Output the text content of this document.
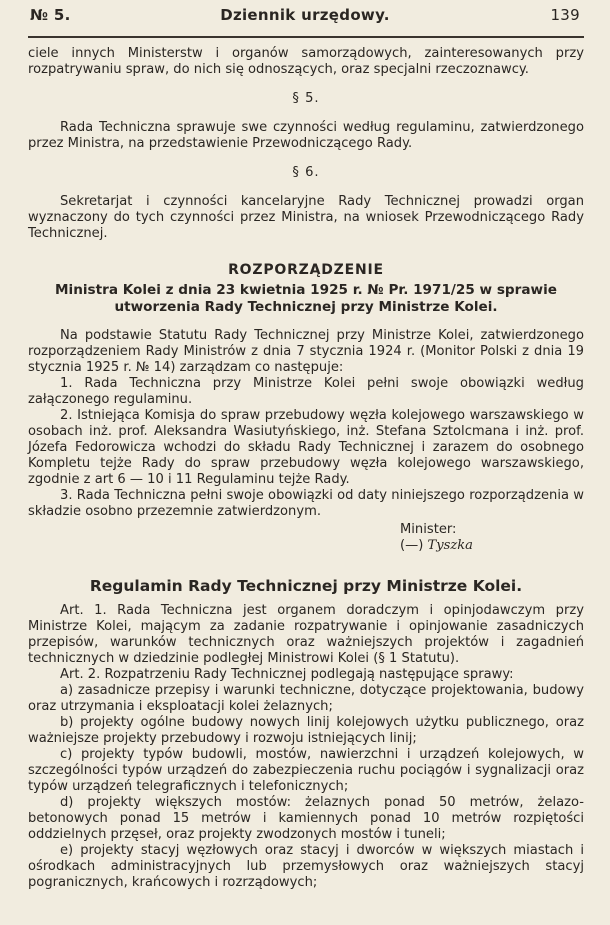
№ 5.	Dziennik urzędowy.	139

ciele innych Ministerstw i organów samorządowych, zainteresowanych przy rozpatrywaniu spraw, do nich się odnoszących, oraz specjalni rzeczoznawcy.

§ 5.

Rada Techniczna sprawuje swe czynności według regulaminu, zatwierdzonego przez Ministra, na przedstawienie Przewodniczącego Rady.

§ 6.

Sekretarjat i czynności kancelaryjne Rady Technicznej prowadzi organ wyznaczony do tych czynności przez Ministra, na wniosek Przewodniczącego Rady Technicznej.

ROZPORZĄDZENIE
Ministra Kolei z dnia 23 kwietnia 1925 r. № Pr. 1971/25 w sprawie utworzenia Rady Technicznej przy Ministrze Kolei.

Na podstawie Statutu Rady Technicznej przy Ministrze Kolei, zatwierdzonego rozporządzeniem Rady Ministrów z dnia 7 stycznia 1924 r. (Monitor Polski z dnia 19 stycznia 1925 r. № 14) zarządzam co następuje:

1. Rada Techniczna przy Ministrze Kolei pełni swoje obowiązki według załączonego regulaminu.

2. Istniejąca Komisja do spraw przebudowy węzła kolejowego warszawskiego w osobach inż. prof. Aleksandra Wasiutyńskiego, inż. Stefana Sztolcmana i inż. prof. Józefa Fedorowicza wchodzi do składu Rady Technicznej i zarazem do osobnego Kompletu tejże Rady do spraw przebudowy węzła kolejowego warszawskiego, zgodnie z art 6 — 10 i 11 Regulaminu tejże Rady.

3. Rada Techniczna pełni swoje obowiązki od daty niniejszego rozporządzenia w składzie osobno przezemnie zatwierdzonym.

Minister:
(—) Tyszka
Regulamin Rady Technicznej przy Ministrze Kolei.

Art. 1. Rada Techniczna jest organem doradczym i opinjodawczym przy Ministrze Kolei, mającym za zadanie rozpatrywanie i opinjowanie zasadniczych przepisów, warunków technicznych oraz ważniejszych projektów i zagadnień technicznych w dziedzinie podległej Ministrowi Kolei (§ 1 Statutu).

Art. 2. Rozpatrzeniu Rady Technicznej podlegają następujące sprawy:

a) zasadnicze przepisy i warunki techniczne, dotyczące projektowania, budowy oraz utrzymania i eksploatacji kolei żelaznych;

b) projekty ogólne budowy nowych linij kolejowych użytku publicznego, oraz ważniejsze projekty przebudowy i rozwoju istniejących linij;

c) projekty typów budowli, mostów, nawierzchni i urządzeń kolejowych, w szczególności typów urządzeń do zabezpieczenia ruchu pociągów i sygnalizacji oraz typów urządzeń telegraficznych i telefonicznych;

d) projekty większych mostów: żelaznych ponad 50 metrów, żelazo-betonowych ponad 15 metrów i kamiennych ponad 10 metrów rozpiętości oddzielnych przęseł, oraz projekty zwodzonych mostów i tuneli;

e) projekty stacyj węzłowych oraz stacyj i dworców w większych miastach i ośrodkach administracyjnych lub przemysłowych oraz ważniejszych stacyj pogranicznych, krańcowych i rozrządowych;
